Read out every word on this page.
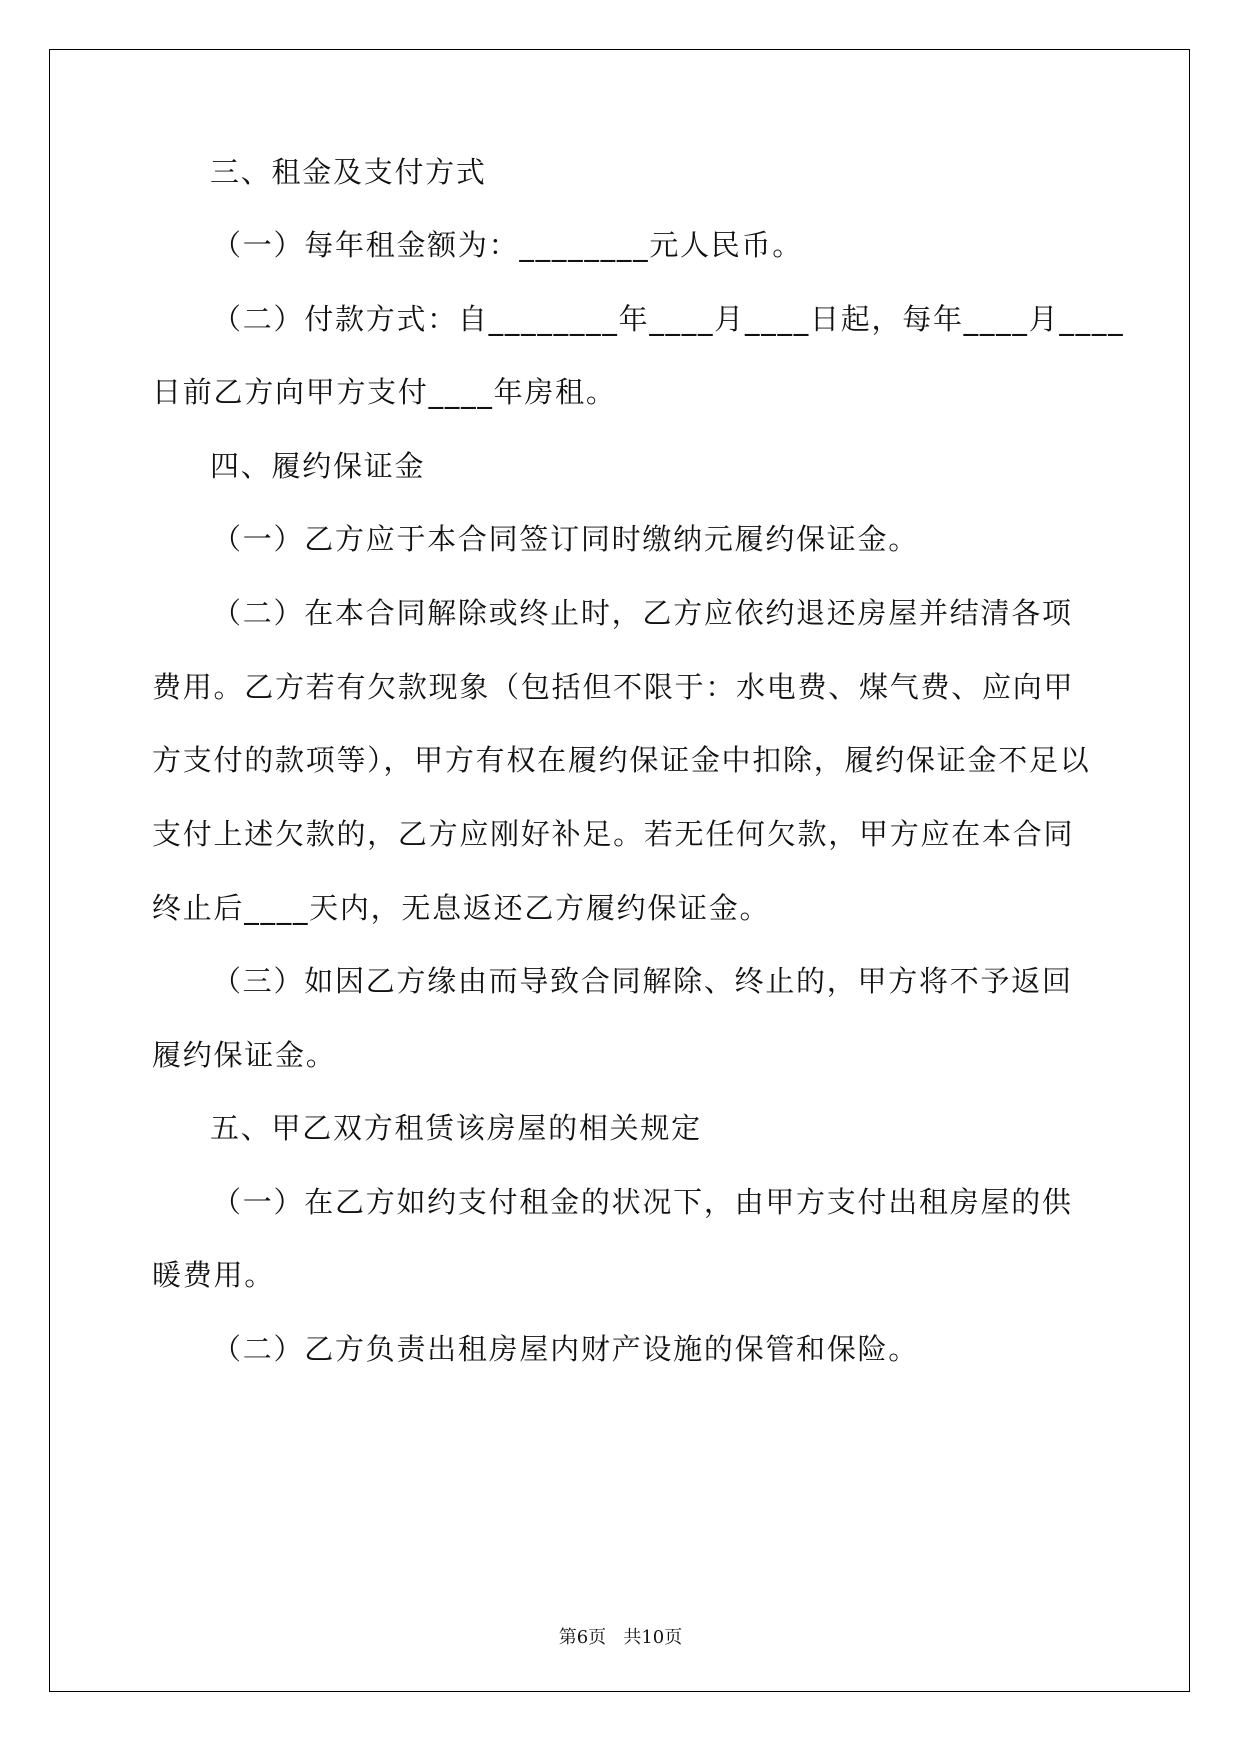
三、租金及支付方式

（一）每年租金额为：________元人民币。

（二）付款方式：自________年____月____日起，每年____月____

日前乙方向甲方支付____年房租。

四、履约保证金

（一）乙方应于本合同签订同时缴纳元履约保证金。

（二）在本合同解除或终止时，乙方应依约退还房屋并结清各项

费用。乙方若有欠款现象（包括但不限于：水电费、煤气费、应向甲

方支付的款项等），甲方有权在履约保证金中扣除，履约保证金不足以

支付上述欠款的，乙方应刚好补足。若无任何欠款，甲方应在本合同

终止后____天内，无息返还乙方履约保证金。

（三）如因乙方缘由而导致合同解除、终止的，甲方将不予返回

履约保证金。

五、甲乙双方租赁该房屋的相关规定

（一）在乙方如约支付租金的状况下，由甲方支付出租房屋的供

暖费用。

（二）乙方负责出租房屋内财产设施的保管和保险。

第6页   共10页
